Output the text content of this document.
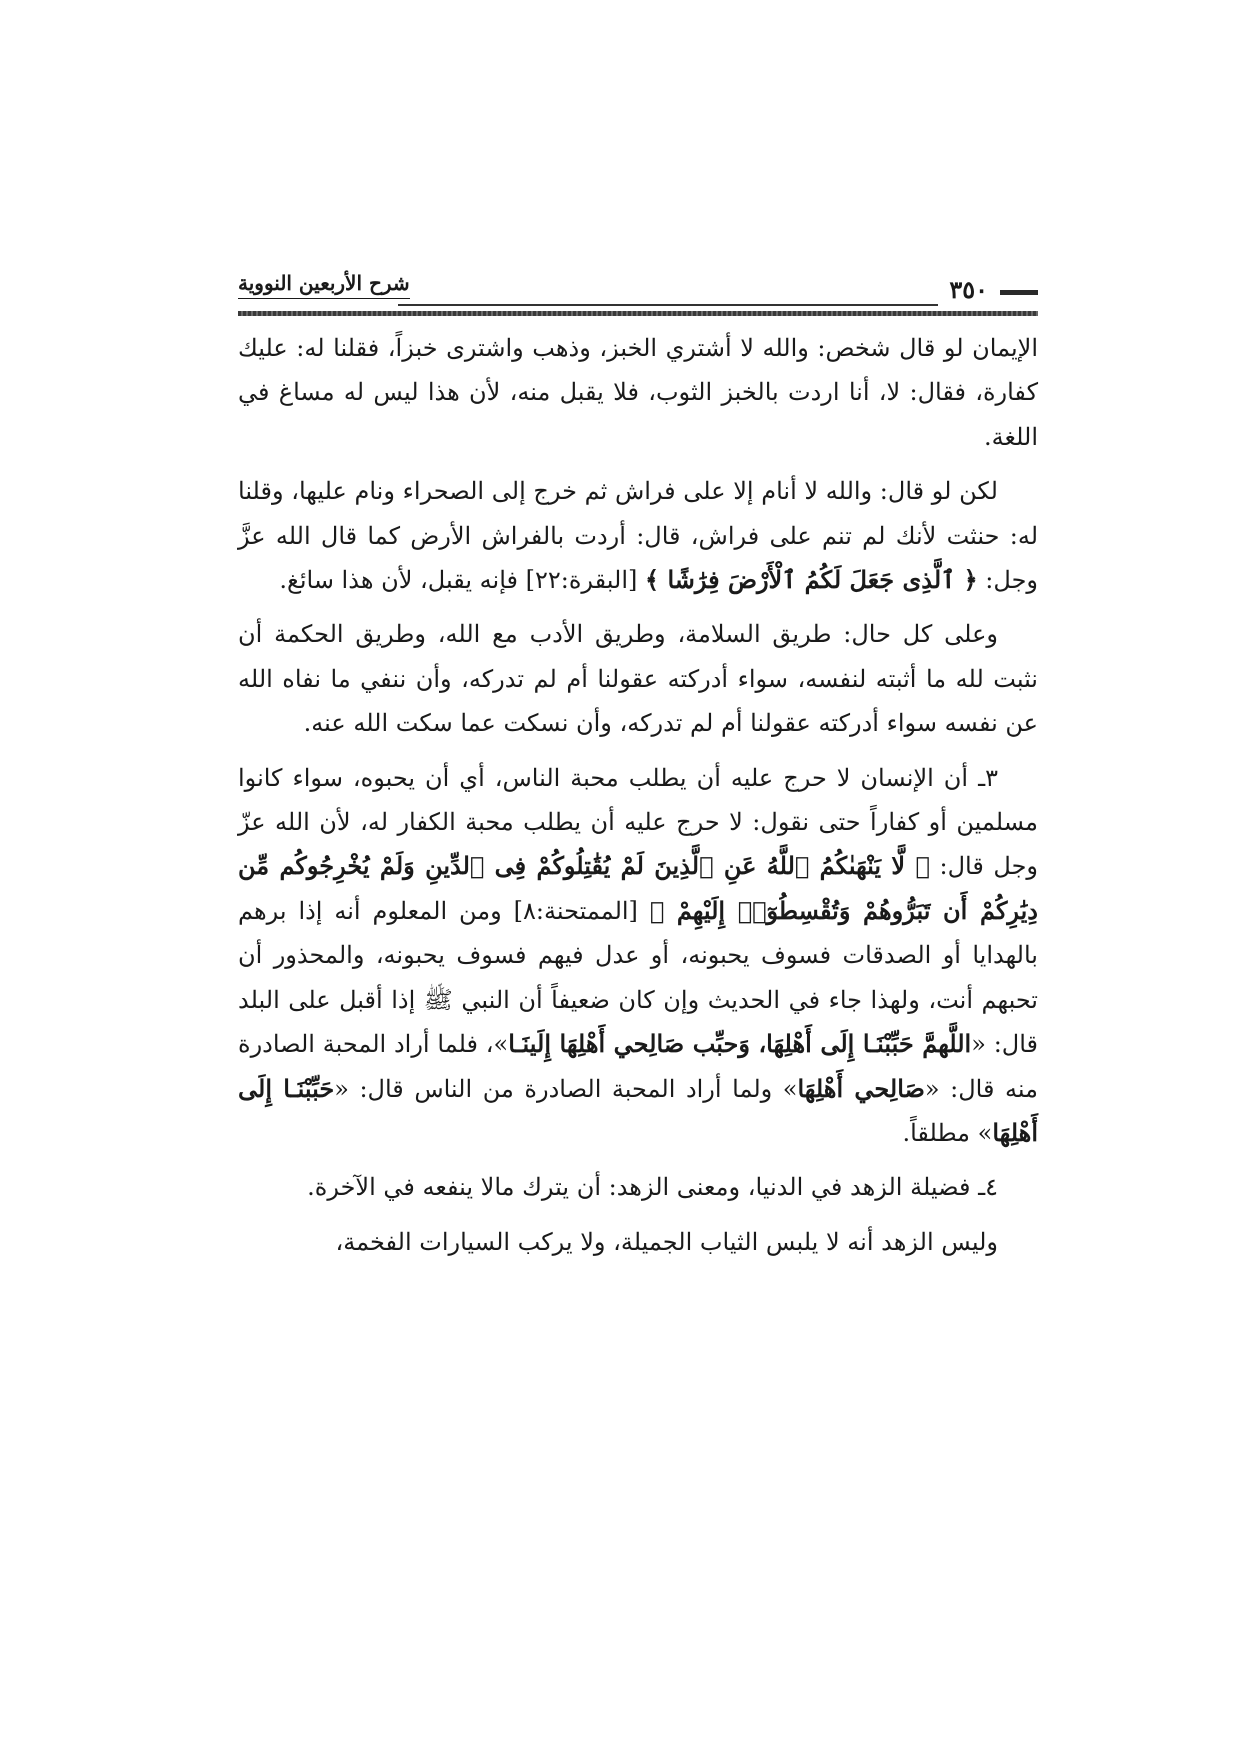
٣٥٠
شرح الأربعين النووية

الإيمان لو قال شخص: والله لا أشتري الخبز، وذهب واشترى خبزاً، فقلنا له: عليك كفارة، فقال: لا، أنا اردت بالخبز الثوب، فلا يقبل منه، لأن هذا ليس له مساغ في اللغة.

لكن لو قال: والله لا أنام إلا على فراش ثم خرج إلى الصحراء ونام عليها، وقلنا له: حنثت لأنك لم تنم على فراش، قال: أردت بالفراش الأرض كما قال الله عزَّ وجل: ﴿ ٱلَّذِى جَعَلَ لَكُمُ ٱلْأَرْضَ فِرَٰشًا ﴾ [البقرة:٢٢] فإنه يقبل، لأن هذا سائغ.

وعلى كل حال: طريق السلامة، وطريق الأدب مع الله، وطريق الحكمة أن نثبت لله ما أثبته لنفسه، سواء أدركته عقولنا أم لم تدركه، وأن ننفي ما نفاه الله عن نفسه سواء أدركته عقولنا أم لم تدركه، وأن نسكت عما سكت الله عنه.

٣ـ أن الإنسان لا حرج عليه أن يطلب محبة الناس، أي أن يحبوه، سواء كانوا مسلمين أو كفاراً حتى نقول: لا حرج عليه أن يطلب محبة الكفار له، لأن الله عزّ وجل قال: ﴿ لَّا يَنْهَىٰكُمُ ٱللَّهُ عَنِ ٱلَّذِينَ لَمْ يُقَٰتِلُوكُمْ فِى ٱلدِّينِ وَلَمْ يُخْرِجُوكُم مِّن دِيَٰرِكُمْ أَن تَبَرُّوهُمْ وَتُقْسِطُوٓا۟ إِلَيْهِمْ ﴾ [الممتحنة:٨] ومن المعلوم أنه إذا برهم بالهدايا أو الصدقات فسوف يحبونه، أو عدل فيهم فسوف يحبونه، والمحذور أن تحبهم أنت، ولهذا جاء في الحديث وإن كان ضعيفاً أن النبي ﷺ إذا أقبل على البلد قال: «اللَّهمَّ حَبِّبْنَـا إِلَى أَهْلِهَا، وَحبِّب صَالِحي أَهْلِهَا إِلَينَـا»، فلما أراد المحبة الصادرة منه قال: «صَالِحي أَهْلِهَا» ولما أراد المحبة الصادرة من الناس قال: «حَبِّبْنَـا إِلَى أَهْلِهَا» مطلقاً.

٤ـ فضيلة الزهد في الدنيا، ومعنى الزهد: أن يترك مالا ينفعه في الآخرة.

وليس الزهد أنه لا يلبس الثياب الجميلة، ولا يركب السيارات الفخمة،
